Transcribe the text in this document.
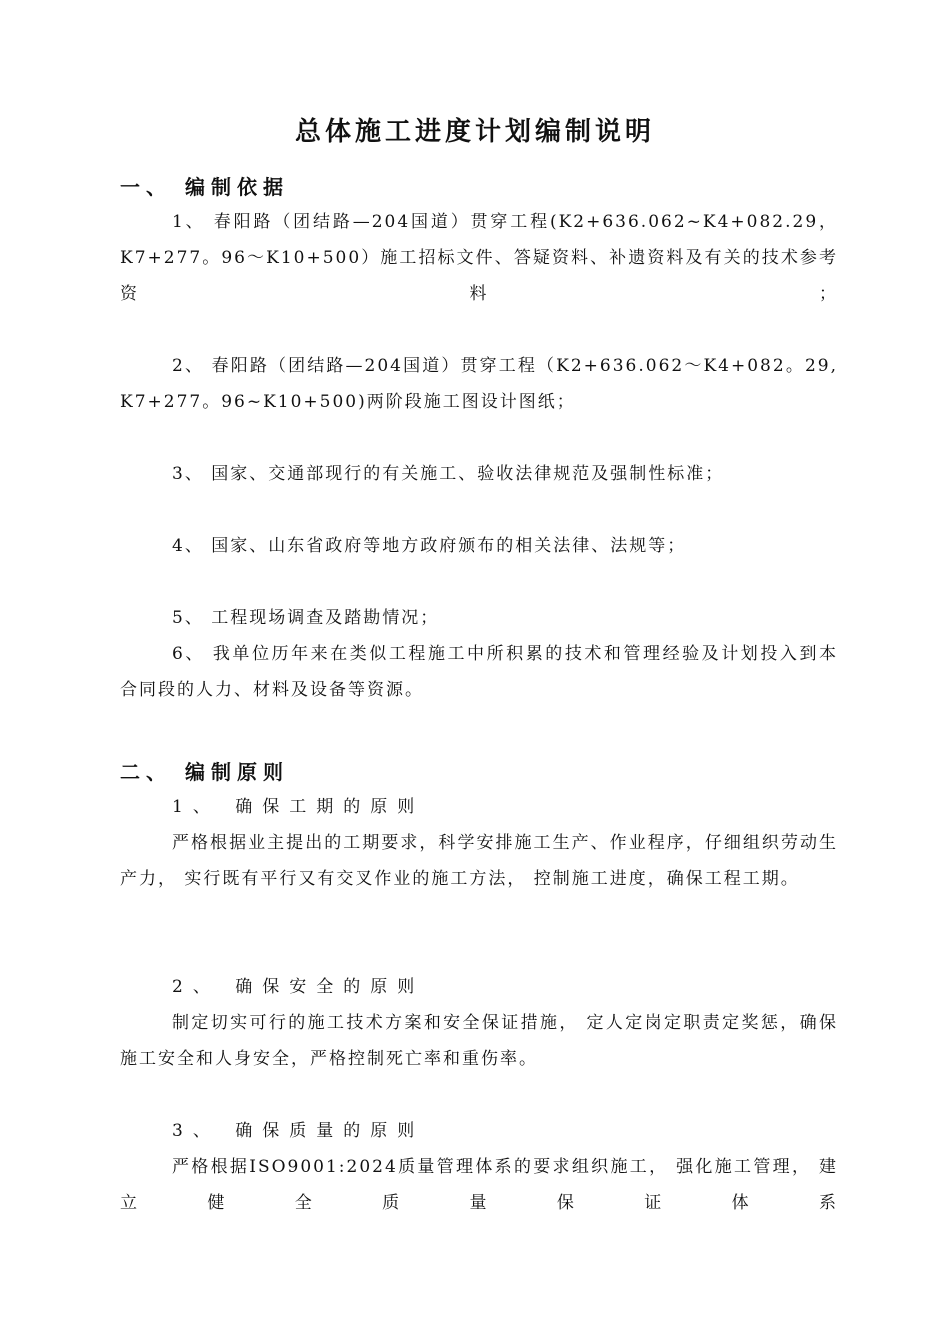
总体施工进度计划编制说明
一、 编制依据
1、 春阳路（团结路—204国道）贯穿工程(K2+636.062~K4+082.29， K7+277。96～K10+500）施工招标文件、答疑资料、补遗资料及有关的技术参考资料；
2、 春阳路（团结路—204国道）贯穿工程（K2+636.062～K4+082。29,K7+277。96~K10+500)两阶段施工图设计图纸；
3、 国家、交通部现行的有关施工、验收法律规范及强制性标准；
4、 国家、山东省政府等地方政府颁布的相关法律、法规等；
5、 工程现场调查及踏勘情况；
6、 我单位历年来在类似工程施工中所积累的技术和管理经验及计划投入到本合同段的人力、材料及设备等资源。
二、 编制原则
1、 确保工期的原则
严格根据业主提出的工期要求，科学安排施工生产、作业程序，仔细组织劳动生产力， 实行既有平行又有交叉作业的施工方法， 控制施工进度，确保工程工期。
2、 确保安全的原则
制定切实可行的施工技术方案和安全保证措施， 定人定岗定职责定奖惩，确保施工安全和人身安全，严格控制死亡率和重伤率。
3、 确保质量的原则
严格根据ISO9001:2024质量管理体系的要求组织施工， 强化施工管理， 建立健全质量保证体系
